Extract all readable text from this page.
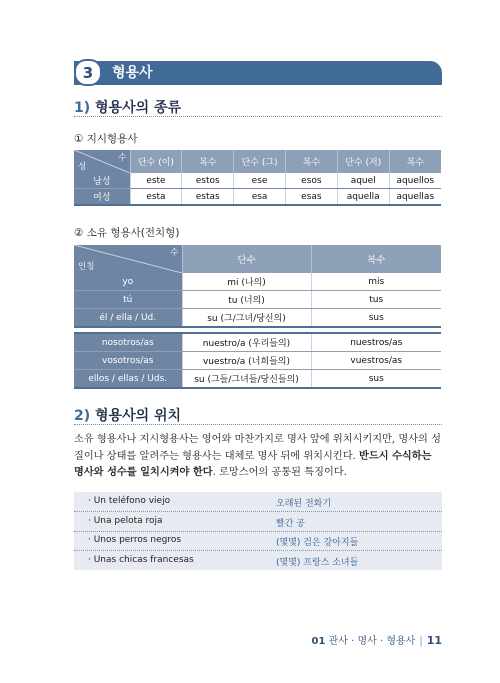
3	형용사
1) 형용사의 종류
① 지시형용사
수
성	단수 (이)	복수	단수 (그)	복수	단수 (저)	복수
남성	este	estos	ese	esos	aquel	aquellos
여성	esta	estas	esa	esas	aquella	aquellas
② 소유 형용사(전치형)
수
인칭	단수	복수
yo	mi (나의)	mis
tú	tu (너의)	tus
él / ella / Ud.	su (그/그녀/당신의)	sus
nosotros/as	nuestro/a (우리들의)	nuestros/as
vosotros/as	vuestro/a (너희들의)	vuestros/as
ellos / ellas / Uds.	su (그들/그녀들/당신들의)	sus
2) 형용사의 위치
소유 형용사나 지시형용사는 영어와 마찬가지로 명사 앞에 위치시키지만, 명사의 성질이나 상태를 알려주는 형용사는 대체로 명사 뒤에 위치시킨다. 반드시 수식하는 명사와 성수를 일치시켜야 한다. 로망스어의 공통된 특징이다.
· Un teléfono viejo	오래된 전화기
· Una pelota roja	빨간 공
· Unos perros negros	(몇몇) 검은 강아지들
· Unas chicas francesas	(몇몇) 프랑스 소녀들
01 관사 · 명사 · 형용사 | 11
